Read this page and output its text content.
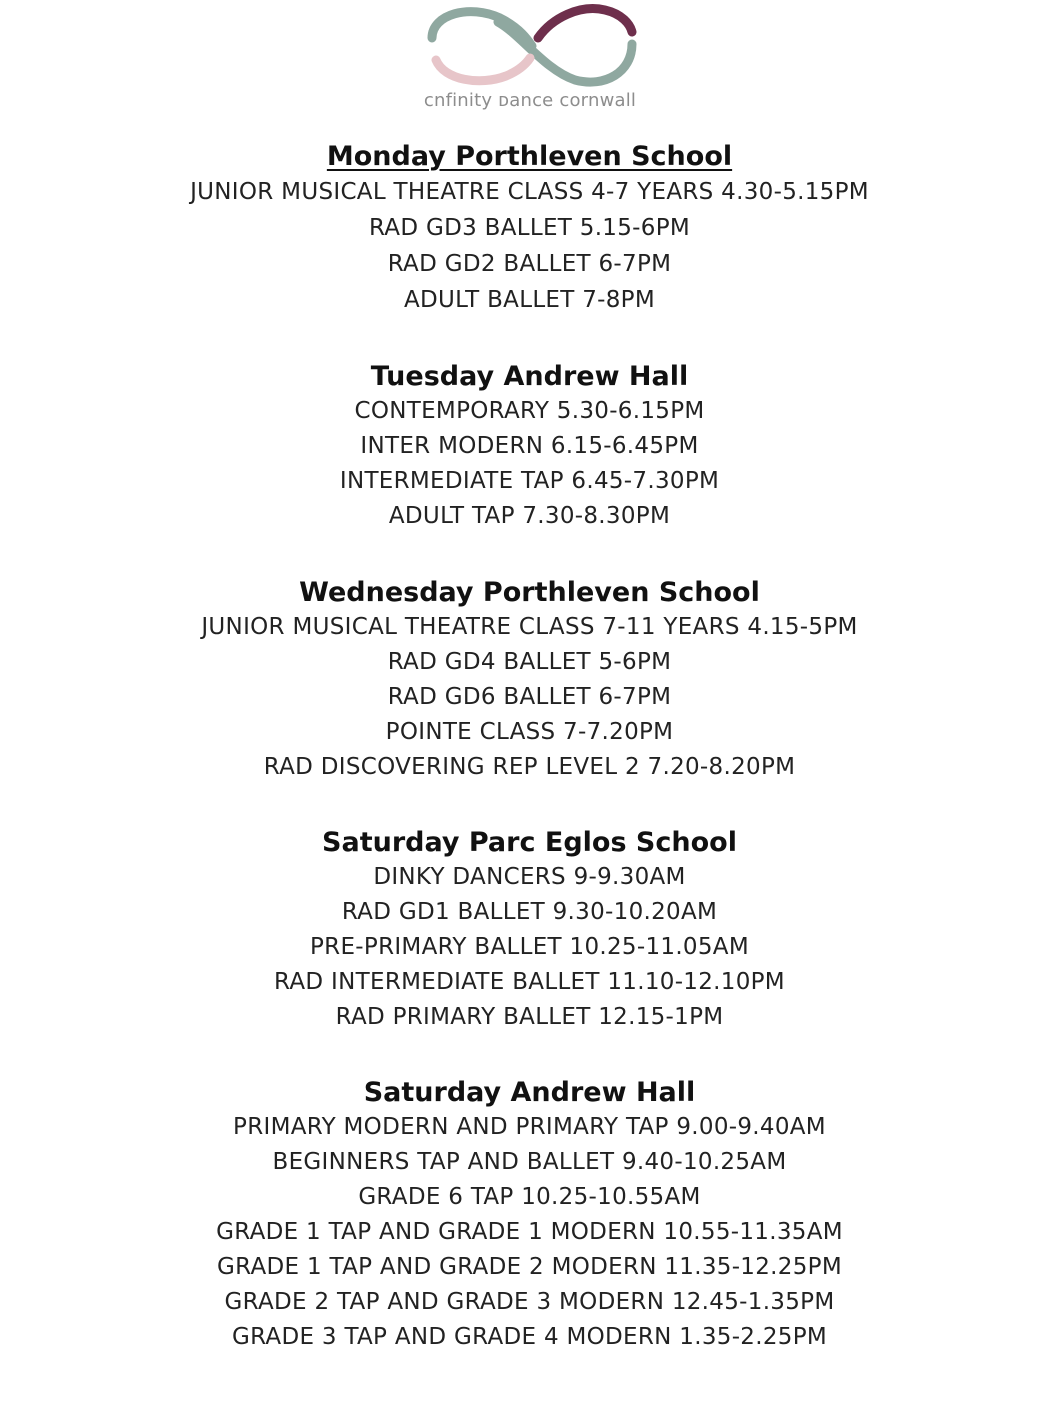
ᴄnfinity ᴅance ᴄornwall
Monday Porthleven School

JUNIOR MUSICAL THEATRE CLASS 4-7 YEARS 4.30-5.15PM

RAD GD3 BALLET 5.15-6PM

RAD GD2 BALLET 6-7PM

ADULT BALLET 7-8PM

Tuesday Andrew Hall

CONTEMPORARY 5.30-6.15PM

INTER MODERN 6.15-6.45PM

INTERMEDIATE TAP 6.45-7.30PM

ADULT TAP 7.30-8.30PM

Wednesday Porthleven School

JUNIOR MUSICAL THEATRE CLASS 7-11 YEARS 4.15-5PM

RAD GD4 BALLET 5-6PM

RAD GD6 BALLET 6-7PM

POINTE CLASS 7-7.20PM

RAD DISCOVERING REP LEVEL 2 7.20-8.20PM

Saturday Parc Eglos School

DINKY DANCERS 9-9.30AM

RAD GD1 BALLET 9.30-10.20AM

PRE-PRIMARY BALLET 10.25-11.05AM

RAD INTERMEDIATE BALLET 11.10-12.10PM

RAD PRIMARY BALLET 12.15-1PM

Saturday Andrew Hall

PRIMARY MODERN AND PRIMARY TAP 9.00-9.40AM

BEGINNERS TAP AND BALLET 9.40-10.25AM

GRADE 6 TAP 10.25-10.55AM

GRADE 1 TAP AND GRADE 1 MODERN 10.55-11.35AM

GRADE 1 TAP AND GRADE 2 MODERN 11.35-12.25PM

GRADE 2 TAP AND GRADE 3 MODERN 12.45-1.35PM

GRADE 3 TAP AND GRADE 4 MODERN 1.35-2.25PM
